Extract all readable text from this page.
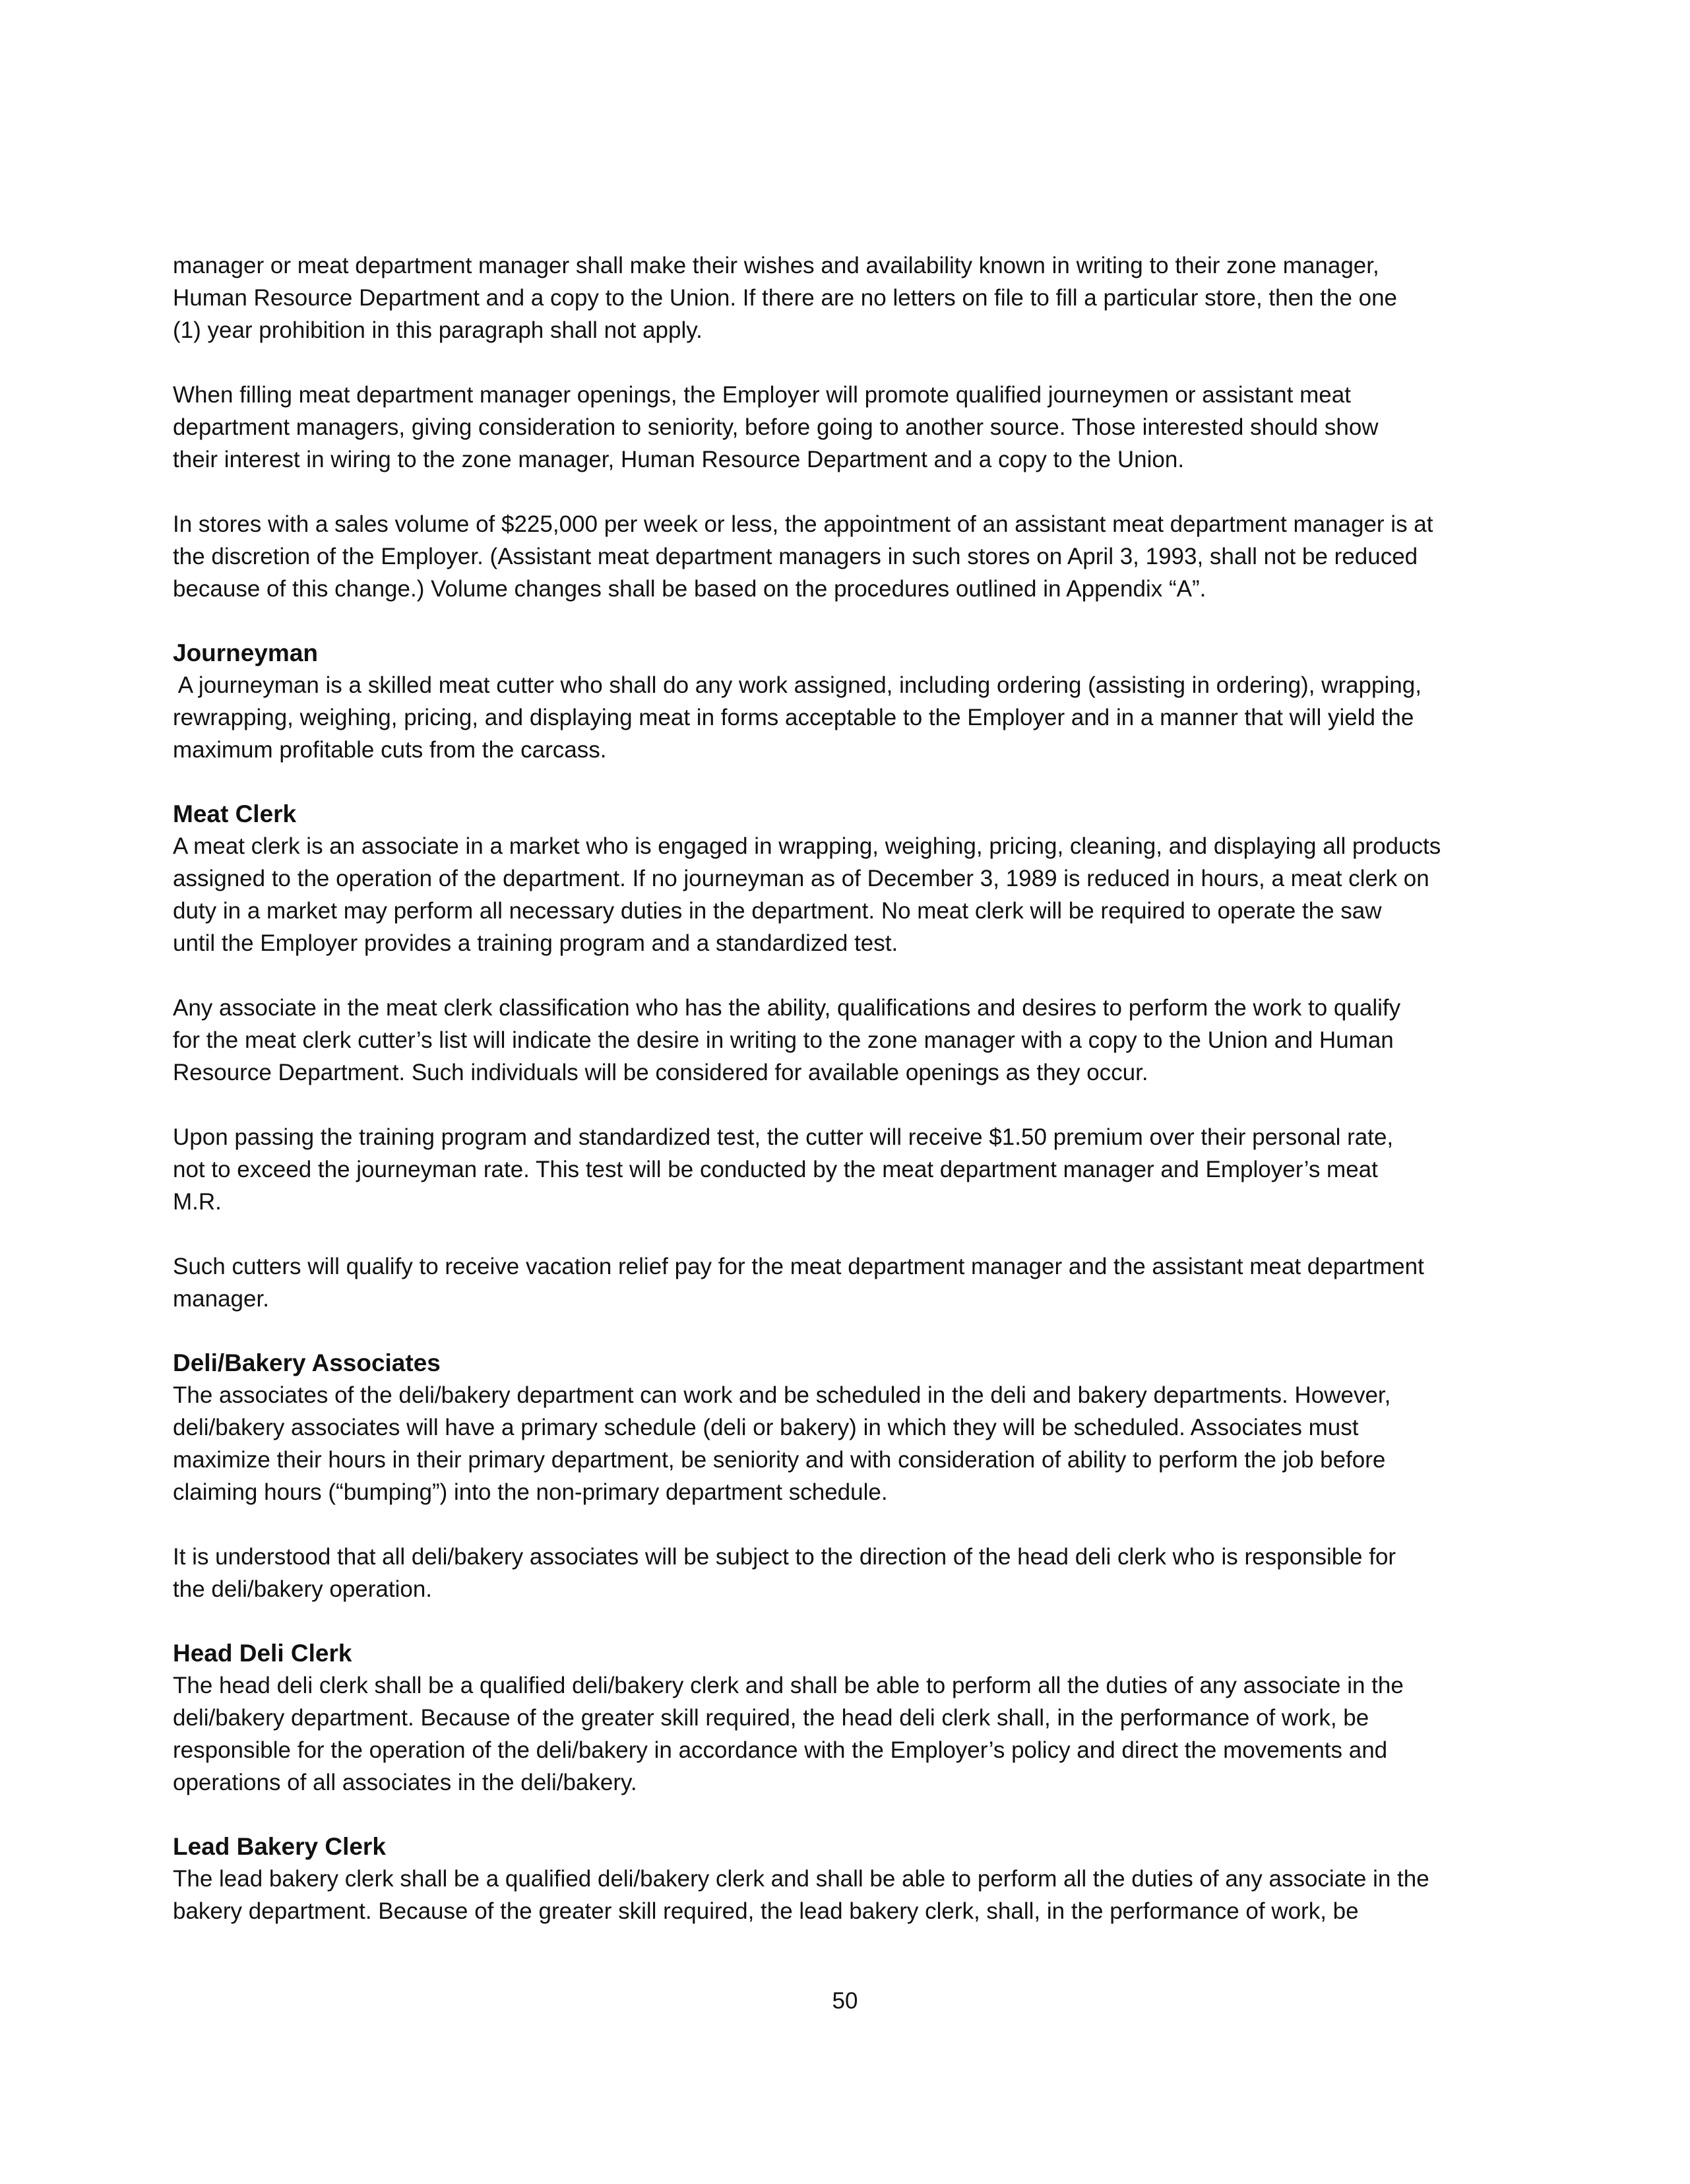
manager or meat department manager shall make their wishes and availability known in writing to their zone manager,
Human Resource Department and a copy to the Union. If there are no letters on file to fill a particular store, then the one
(1) year prohibition in this paragraph shall not apply.

When filling meat department manager openings, the Employer will promote qualified journeymen or assistant meat
department managers, giving consideration to seniority, before going to another source. Those interested should show
their interest in wiring to the zone manager, Human Resource Department and a copy to the Union.

In stores with a sales volume of $225,000 per week or less, the appointment of an assistant meat department manager is at
the discretion of the Employer. (Assistant meat department managers in such stores on April 3, 1993, shall not be reduced
because of this change.) Volume changes shall be based on the procedures outlined in Appendix “A”.

Journeyman

A journeyman is a skilled meat cutter who shall do any work assigned, including ordering (assisting in ordering), wrapping,
rewrapping, weighing, pricing, and displaying meat in forms acceptable to the Employer and in a manner that will yield the
maximum profitable cuts from the carcass.

Meat Clerk

A meat clerk is an associate in a market who is engaged in wrapping, weighing, pricing, cleaning, and displaying all products
assigned to the operation of the department. If no journeyman as of December 3, 1989 is reduced in hours, a meat clerk on
duty in a market may perform all necessary duties in the department. No meat clerk will be required to operate the saw
until the Employer provides a training program and a standardized test.

Any associate in the meat clerk classification who has the ability, qualifications and desires to perform the work to qualify
for the meat clerk cutter’s list will indicate the desire in writing to the zone manager with a copy to the Union and Human
Resource Department. Such individuals will be considered for available openings as they occur.

Upon passing the training program and standardized test, the cutter will receive $1.50 premium over their personal rate,
not to exceed the journeyman rate. This test will be conducted by the meat department manager and Employer’s meat
M.R.

Such cutters will qualify to receive vacation relief pay for the meat department manager and the assistant meat department
manager.

Deli/Bakery Associates

The associates of the deli/bakery department can work and be scheduled in the deli and bakery departments. However,
deli/bakery associates will have a primary schedule (deli or bakery) in which they will be scheduled. Associates must
maximize their hours in their primary department, be seniority and with consideration of ability to perform the job before
claiming hours (“bumping”) into the non-primary department schedule.

It is understood that all deli/bakery associates will be subject to the direction of the head deli clerk who is responsible for
the deli/bakery operation.

Head Deli Clerk

The head deli clerk shall be a qualified deli/bakery clerk and shall be able to perform all the duties of any associate in the
deli/bakery department. Because of the greater skill required, the head deli clerk shall, in the performance of work, be
responsible for the operation of the deli/bakery in accordance with the Employer’s policy and direct the movements and
operations of all associates in the deli/bakery.

Lead Bakery Clerk

The lead bakery clerk shall be a qualified deli/bakery clerk and shall be able to perform all the duties of any associate in the
bakery department. Because of the greater skill required, the lead bakery clerk, shall, in the performance of work, be

50
